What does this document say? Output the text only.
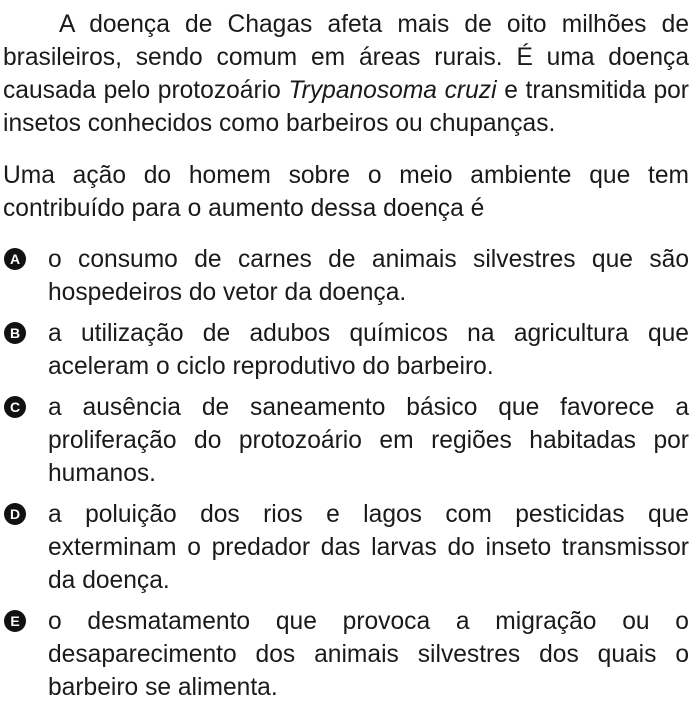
A doença de Chagas afeta mais de oito milhões de brasileiros, sendo comum em áreas rurais. É uma doença causada pelo protozoário Trypanosoma cruzi e transmitida por insetos conhecidos como barbeiros ou chupanças.

Uma ação do homem sobre o meio ambiente que tem contribuído para o aumento dessa doença é

A o consumo de carnes de animais silvestres que são hospedeiros do vetor da doença.
B a utilização de adubos químicos na agricultura que aceleram o ciclo reprodutivo do barbeiro.
C a ausência de saneamento básico que favorece a proliferação do protozoário em regiões habitadas por humanos.
D a poluição dos rios e lagos com pesticidas que exterminam o predador das larvas do inseto transmissor da doença.
E o desmatamento que provoca a migração ou o desaparecimento dos animais silvestres dos quais o barbeiro se alimenta.
